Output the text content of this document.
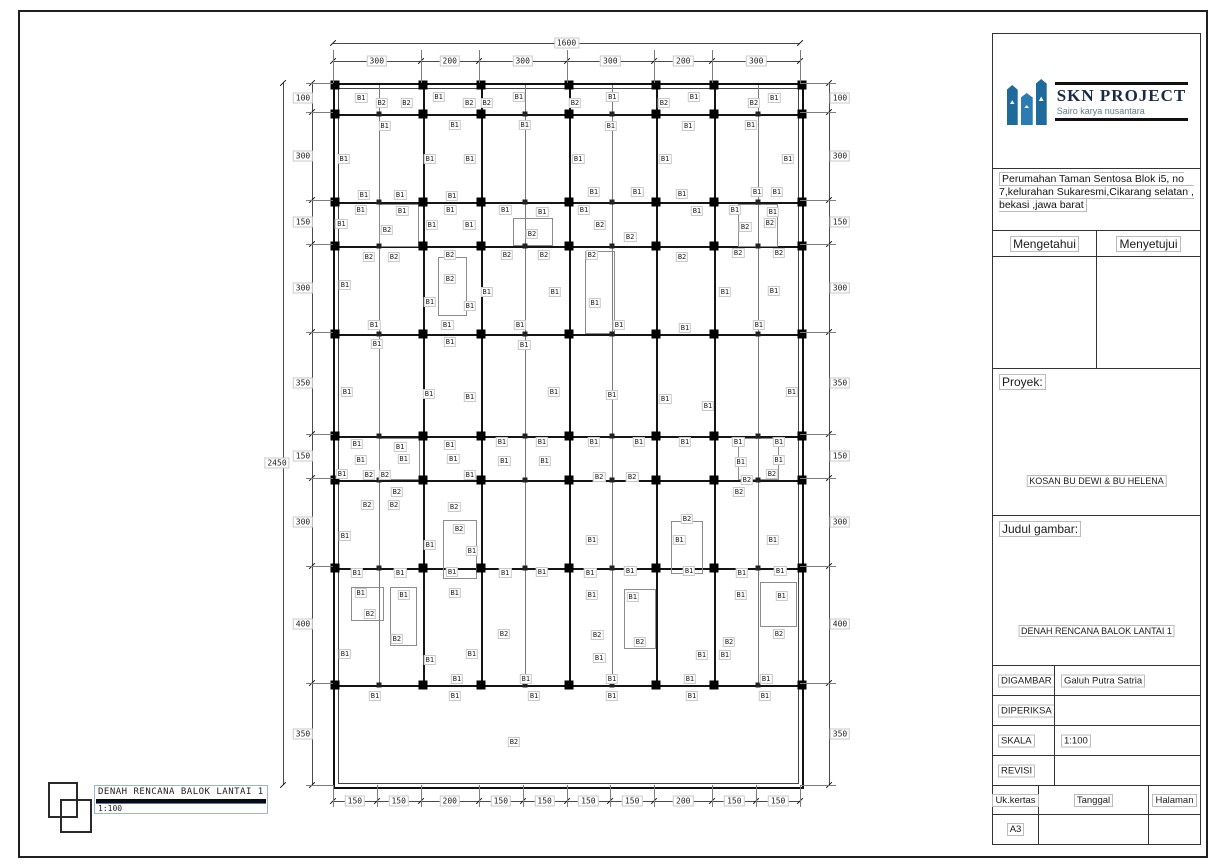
B1
B2 B2
B1
B2 B2
B1
B2
B1
B2
B1
B2
B1
B1	B1	B1	B1	B1	B1
B1	B1	B1	B1	B1	B1
B1	B1	B1
B1	B1	B1	B1 B1
B1	B1	B1	B1	B1	B1	B1	B1	B1
B1	B1	B1
B2	B2
B2	B2
B2
B2
B2 B2	B2	B2	B2	B2	B2	B2	B2
B2
B1
B1	B1
B1	B1
B1
B1	B1
B1	B1	B1	B1	B1	B1
B1	B1	B1
B1	B1	B1
B1	B1
B1
B1
B1
B1	B1	B1	B1	B1	B1	B1	B1	B1	B1
B1	B1	B1	B1	B1	B1	B1
B1	B2 B2	B1	B2	B2	B2
B2
B2
B2	B2	B2
B2
B2
B2
B1
B1
B1
B1	B1	B1
B1	B1	B1	B1	B1	B1	B1	B1	B1	B1
B1	B1	B1	B1	B1	B1	B1
B2
B2
B2	B2
B2	B2
B2
B1
B1
B1
B1	B1 B1
B1	B1	B1	B1	B1
B1	B1	B1	B1	B1	B1
B2
1600
300	200	300	300	200	300
150	150	200	150	150	150	150	200	150	150
100
300
150
300
350
150
300
400
350
2450
100
300
150
300
350
150
300
400
350
SKN PROJECT
Sairo karya nusantara
Perumahan Taman Sentosa Blok i5, no 7,kelurahan Sukaresmi,Cikarang selatan , bekasi ,jawa barat
Mengetahui	Menyetujui
Proyek:
KOSAN BU DEWI & BU HELENA
Judul gambar:
DENAH RENCANA BALOK LANTAI 1
DIGAMBAR	Galuh Putra Satria
DIPERIKSA
SKALA	1:100
REVISI
Uk.kertas	Tanggal	Halaman
A3
DENAH RENCANA BALOK LANTAI 1
1:100
